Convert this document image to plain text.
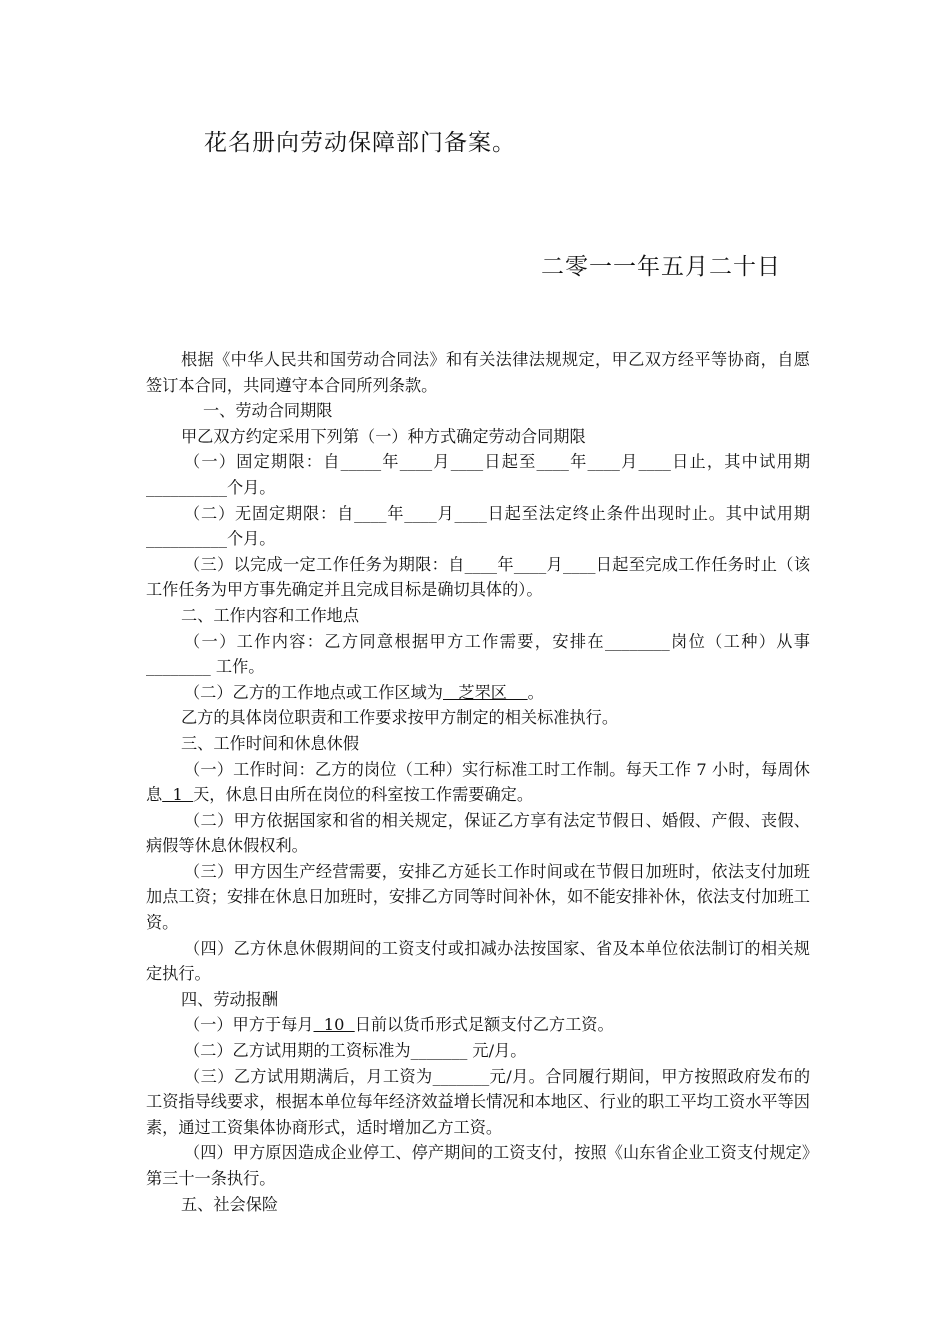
花名册向劳动保障部门备案。
二零一一年五月二十日

根据《中华人民共和国劳动合同法》和有关法律法规规定，甲乙双方经平等协商，自愿签订本合同，共同遵守本合同所列条款。

一、劳动合同期限

甲乙双方约定采用下列第（一）种方式确定劳动合同期限

（一）固定期限：自_____年____月____日起至____年____月____日止，其中试用期__________个月。

（二）无固定期限：自____年____月____日起至法定终止条件出现时止。其中试用期__________个月。

（三）以完成一定工作任务为期限：自____年____月____日起至完成工作任务时止（该工作任务为甲方事先确定并且完成目标是确切具体的）。

二、工作内容和工作地点

（一）工作内容：乙方同意根据甲方工作需要，安排在________岗位（工种）从事________ 工作。

（二）乙方的工作地点或工作区域为   芝罘区    。

乙方的具体岗位职责和工作要求按甲方制定的相关标准执行。

三、工作时间和休息休假

（一）工作时间：乙方的岗位（工种）实行标准工时工作制。每天工作 7 小时，每周休息  1  天，休息日由所在岗位的科室按工作需要确定。

（二）甲方依据国家和省的相关规定，保证乙方享有法定节假日、婚假、产假、丧假、病假等休息休假权利。

（三）甲方因生产经营需要，安排乙方延长工作时间或在节假日加班时，依法支付加班加点工资；安排在休息日加班时，安排乙方同等时间补休，如不能安排补休，依法支付加班工资。

（四）乙方休息休假期间的工资支付或扣减办法按国家、省及本单位依法制订的相关规定执行。

四、劳动报酬

（一）甲方于每月  10  日前以货币形式足额支付乙方工资。

（二）乙方试用期的工资标准为_______ 元/月。

（三）乙方试用期满后，月工资为_______元/月。合同履行期间，甲方按照政府发布的工资指导线要求，根据本单位每年经济效益增长情况和本地区、行业的职工平均工资水平等因素，通过工资集体协商形式，适时增加乙方工资。

（四）甲方原因造成企业停工、停产期间的工资支付，按照《山东省企业工资支付规定》第三十一条执行。

五、社会保险
